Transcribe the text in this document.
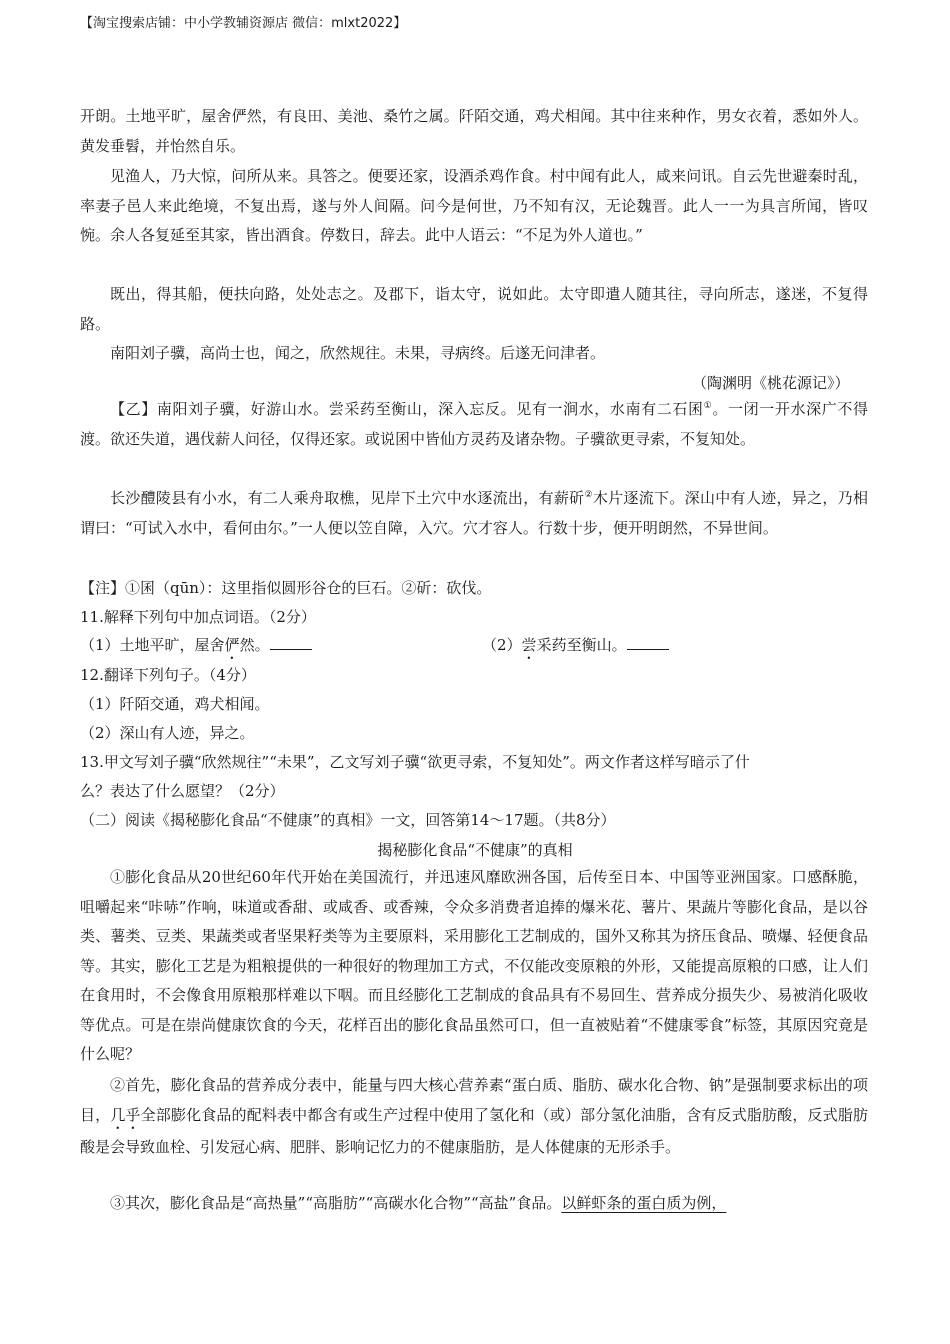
【淘宝搜索店铺：中小学教辅资源店 微信：mlxt2022】
开朗。土地平旷，屋舍俨然，有良田、美池、桑竹之属。阡陌交通，鸡犬相闻。其中往来种作，男女衣着，悉如外人。黄发垂髫，并怡然自乐。
见渔人，乃大惊，问所从来。具答之。便要还家，设酒杀鸡作食。村中闻有此人，咸来问讯。自云先世避秦时乱，率妻子邑人来此绝境，不复出焉，遂与外人间隔。问今是何世，乃不知有汉，无论魏晋。此人一一为具言所闻，皆叹惋。余人各复延至其家，皆出酒食。停数日，辞去。此中人语云：“不足为外人道也。”
既出，得其船，便扶向路，处处志之。及郡下，诣太守，说如此。太守即遣人随其往，寻向所志，遂迷，不复得路。
南阳刘子骥，高尚士也，闻之，欣然规往。未果，寻病终。后遂无问津者。
（陶渊明《桃花源记》）
【乙】南阳刘子骥，好游山水。尝采药至衡山，深入忘反。见有一涧水，水南有二石囷①。一闭一开水深广不得渡。欲还失道，遇伐薪人问径，仅得还家。或说囷中皆仙方灵药及诸杂物。子骥欲更寻索，不复知处。
长沙醴陵县有小水，有二人乘舟取樵，见岸下土穴中水逐流出，有薪斫②木片逐流下。深山中有人迹，异之，乃相谓曰：“可试入水中，看何由尔。”一人便以笠自障，入穴。穴才容人。行数十步，便开明朗然，不异世间。
【注】①囷（qūn）：这里指似圆形谷仓的巨石。②斫：砍伐。
11.解释下列句中加点词语。（2分）
（1）土地平旷，屋舍俨然。	（2）尝采药至衡山。
12.翻译下列句子。（4分）
（1）阡陌交通，鸡犬相闻。
（2）深山有人迹，异之。
13.甲文写刘子骥“欣然规往”“未果”，乙文写刘子骥“欲更寻索，不复知处”。两文作者这样写暗示了什
么？表达了什么愿望？（2分）
（二）阅读《揭秘膨化食品“不健康”的真相》一文，回答第14～17题。（共8分）
揭秘膨化食品“不健康”的真相
①膨化食品从20世纪60年代开始在美国流行，并迅速风靡欧洲各国，后传至日本、中国等亚洲国家。口感酥脆，咀嚼起来“咔哧”作响，味道或香甜、或咸香、或香辣，令众多消费者追捧的爆米花、薯片、果蔬片等膨化食品，是以谷类、薯类、豆类、果蔬类或者坚果籽类等为主要原料，采用膨化工艺制成的，国外又称其为挤压食品、喷爆、轻便食品等。其实，膨化工艺是为粗粮提供的一种很好的物理加工方式，不仅能改变原粮的外形，又能提高原粮的口感，让人们在食用时，不会像食用原粮那样难以下咽。而且经膨化工艺制成的食品具有不易回生、营养成分损失少、易被消化吸收等优点。可是在崇尚健康饮食的今天，花样百出的膨化食品虽然可口，但一直被贴着“不健康零食”标签，其原因究竟是什么呢？
②首先，膨化食品的营养成分表中，能量与四大核心营养素“蛋白质、脂肪、碳水化合物、钠”是强制要求标出的项目，几乎全部膨化食品的配料表中都含有或生产过程中使用了氢化和（或）部分氢化油脂，含有反式脂肪酸，反式脂肪酸是会导致血栓、引发冠心病、肥胖、影响记忆力的不健康脂肪，是人体健康的无形杀手。
③其次，膨化食品是“高热量”“高脂肪”“高碳水化合物”“高盐”食品。以鲜虾条的蛋白质为例，
